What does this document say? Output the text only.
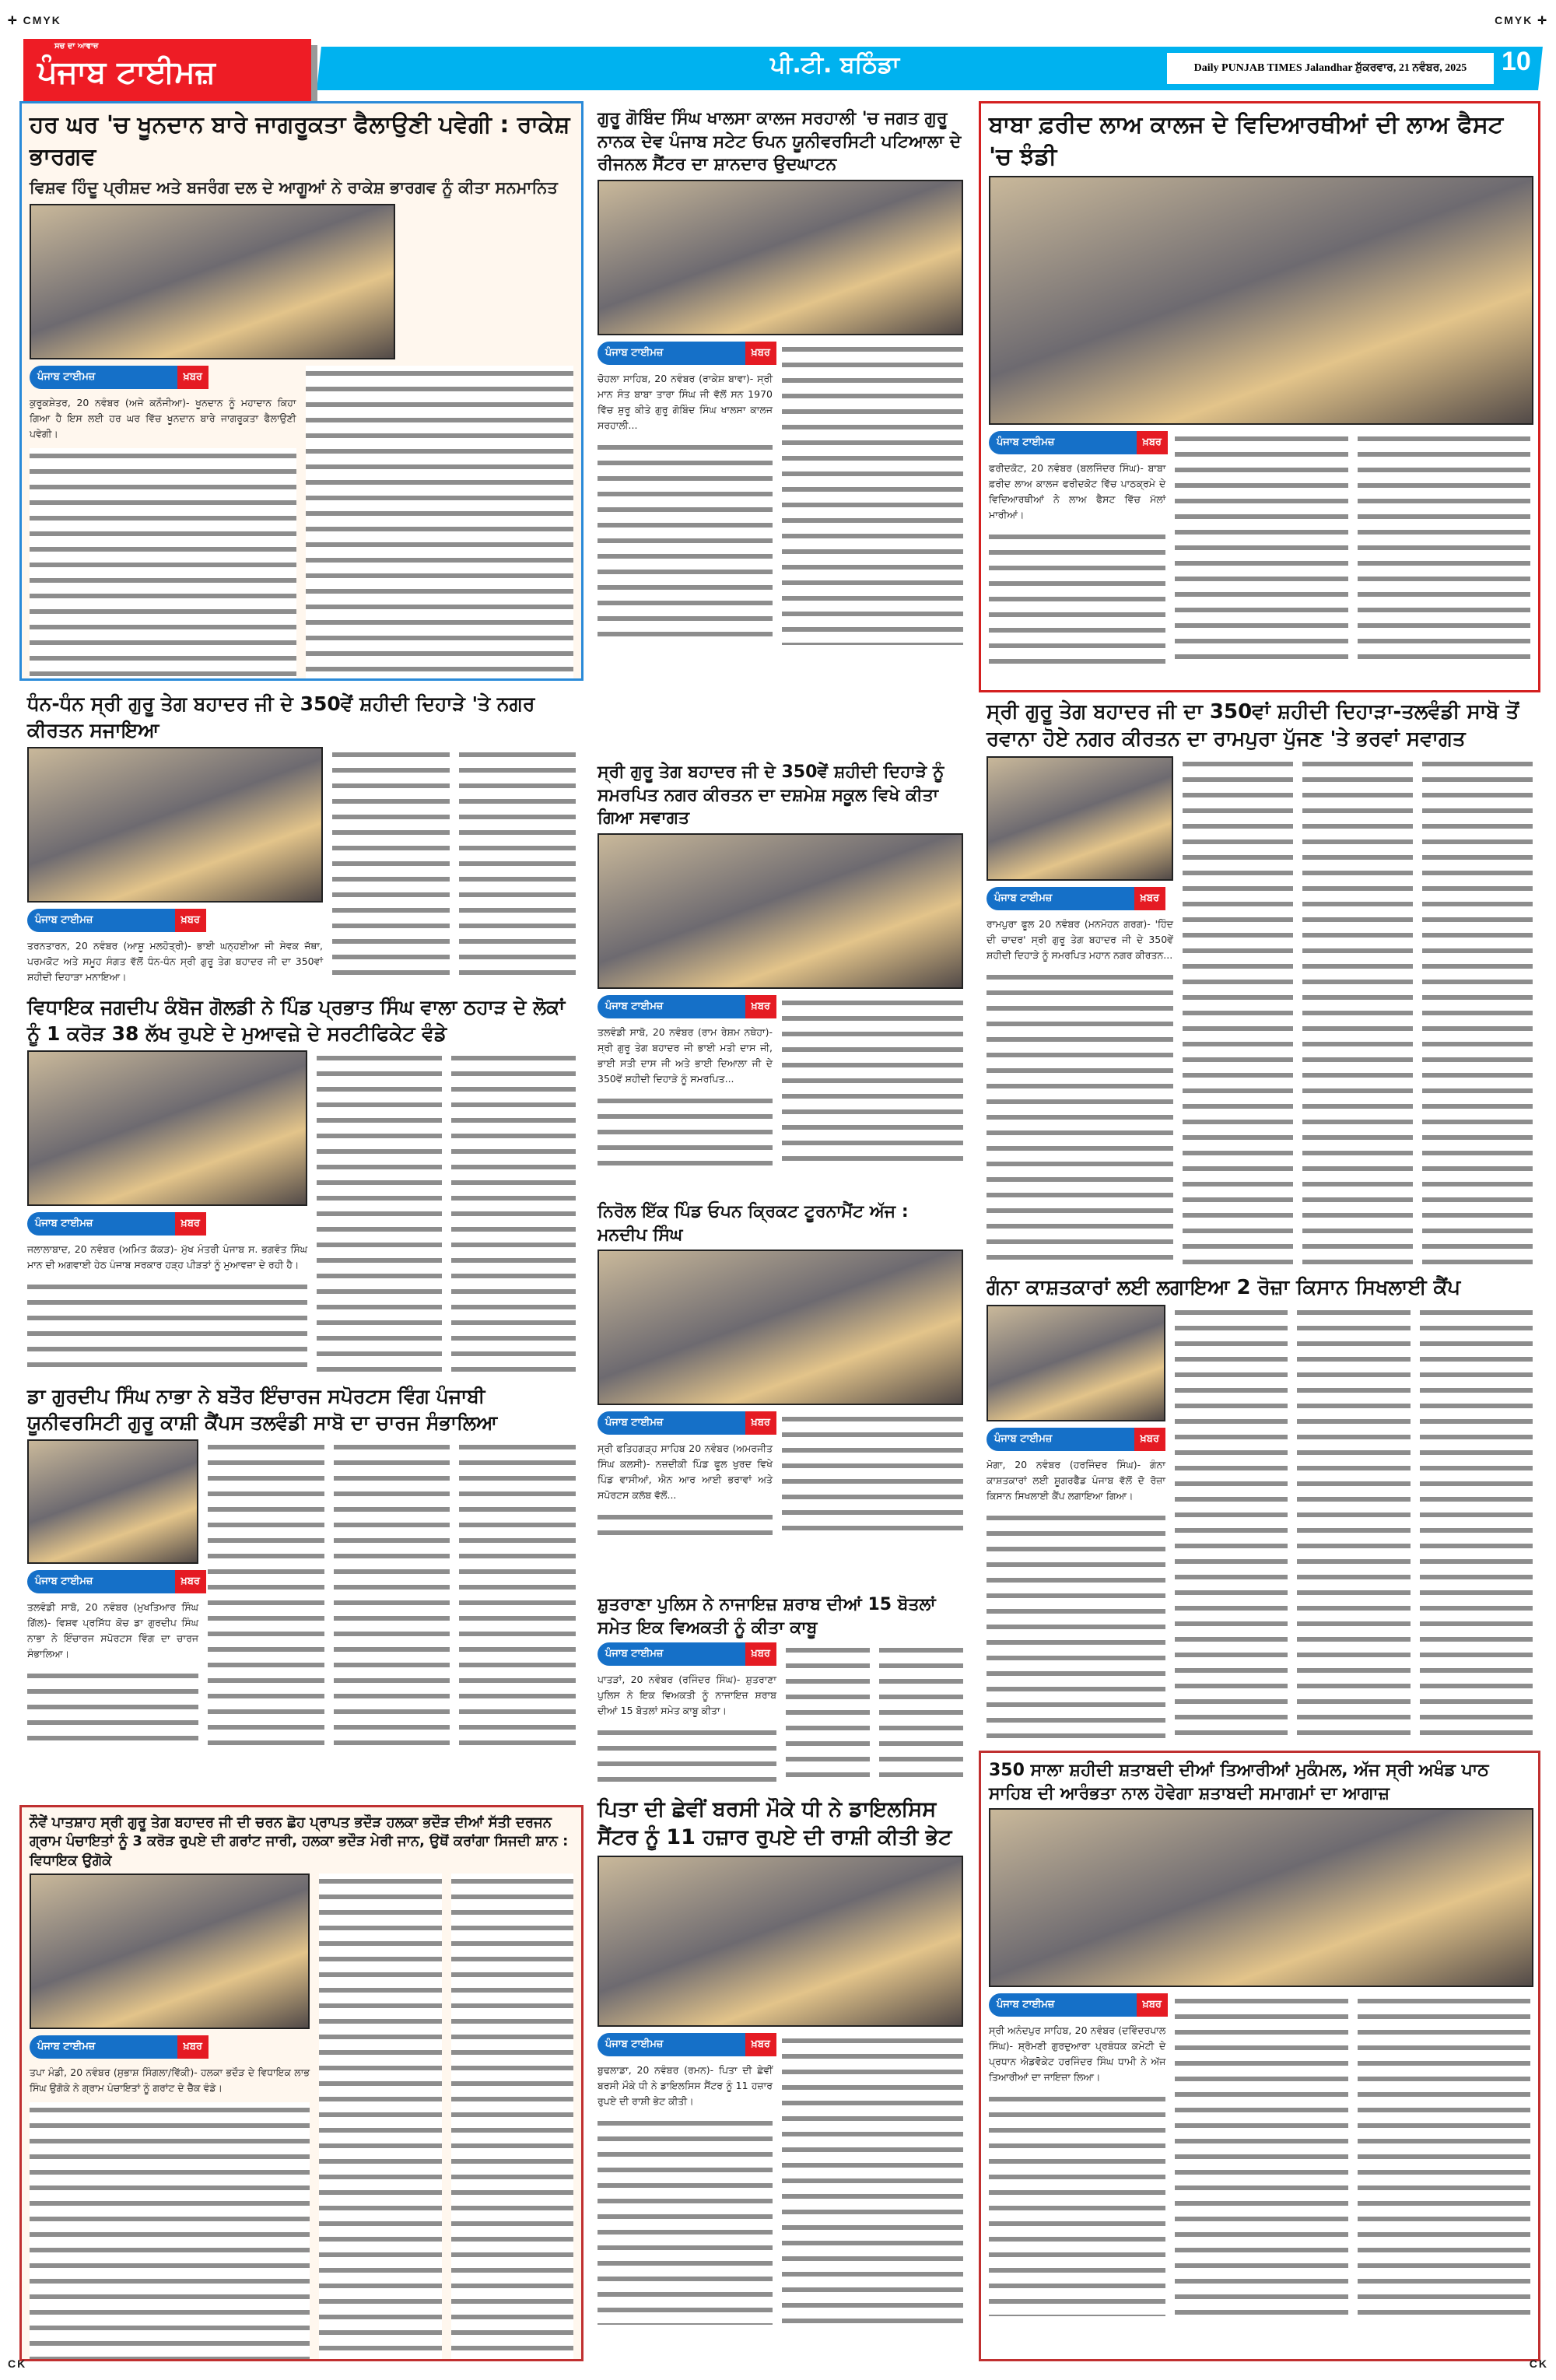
✛ CMYK	CMYK ✛
ਸਚ ਦਾ ਆਵਾਜ਼
ਪੰਜਾਬ ਟਾਈਮਜ਼	ਪੀ.ਟੀ. ਬਠਿੰਡਾ	Daily PUNJAB TIMES Jalandhar ਸ਼ੁੱਕਰਵਾਰ, 21 ਨਵੰਬਰ, 2025	10
ਹਰ ਘਰ 'ਚ ਖੂਨਦਾਨ ਬਾਰੇ ਜਾਗਰੂਕਤਾ ਫੈਲਾਉਣੀ ਪਵੇਗੀ : ਰਾਕੇਸ਼ ਭਾਰਗਵ
ਵਿਸ਼ਵ ਹਿੰਦੂ ਪ੍ਰੀਸ਼ਦ ਅਤੇ ਬਜਰੰਗ ਦਲ ਦੇ ਆਗੂਆਂ ਨੇ ਰਾਕੇਸ਼ ਭਾਰਗਵ ਨੂੰ ਕੀਤਾ ਸਨਮਾਨਿਤ
ਪੰਜਾਬ ਟਾਈਮਜ਼	ਖ਼ਬਰ

ਕੁਰੂਕਸ਼ੇਤਰ, 20 ਨਵੰਬਰ (ਅਜੇ ਕਨੌਜੀਆ)- ਖੂਨਦਾਨ ਨੂੰ ਮਹਾਦਾਨ ਕਿਹਾ ਗਿਆ ਹੈ ਇਸ ਲਈ ਹਰ ਘਰ ਵਿੱਚ ਖੂਨਦਾਨ ਬਾਰੇ ਜਾਗਰੂਕਤਾ ਫੈਲਾਉਣੀ ਪਵੇਗੀ।

ਗੁਰੂ ਗੋਬਿੰਦ ਸਿੰਘ ਖਾਲਸਾ ਕਾਲਜ ਸਰਹਾਲੀ 'ਚ ਜਗਤ ਗੁਰੂ ਨਾਨਕ ਦੇਵ ਪੰਜਾਬ ਸਟੇਟ ਓਪਨ ਯੂਨੀਵਰਸਿਟੀ ਪਟਿਆਲਾ ਦੇ ਰੀਜਨਲ ਸੈਂਟਰ ਦਾ ਸ਼ਾਨਦਾਰ ਉਦਘਾਟਨ
ਪੰਜਾਬ ਟਾਈਮਜ਼	ਖ਼ਬਰ

ਚੋਹਲਾ ਸਾਹਿਬ, 20 ਨਵੰਬਰ (ਰਾਕੇਸ਼ ਬਾਵਾ)- ਸ੍ਰੀ ਮਾਨ ਸੰਤ ਬਾਬਾ ਤਾਰਾ ਸਿੰਘ ਜੀ ਵੱਲੋਂ ਸਨ 1970 ਵਿੱਚ ਸ਼ੁਰੂ ਕੀਤੇ ਗੁਰੂ ਗੋਬਿੰਦ ਸਿੰਘ ਖਾਲਸਾ ਕਾਲਜ ਸਰਹਾਲੀ...

ਬਾਬਾ ਫ਼ਰੀਦ ਲਾਅ ਕਾਲਜ ਦੇ ਵਿਦਿਆਰਥੀਆਂ ਦੀ ਲਾਅ ਫੈਸਟ 'ਚ ਝੰਡੀ
ਪੰਜਾਬ ਟਾਈਮਜ਼	ਖ਼ਬਰ

ਫਰੀਦਕੋਟ, 20 ਨਵੰਬਰ (ਬਲਜਿੰਦਰ ਸਿੰਘ)- ਬਾਬਾ ਫ਼ਰੀਦ ਲਾਅ ਕਾਲਜ ਫਰੀਦਕੋਟ ਵਿੱਚ ਪਾਠਕ੍ਰਮੇ ਦੇ ਵਿਦਿਆਰਥੀਆਂ ਨੇ ਲਾਅ ਫੈਸਟ ਵਿੱਚ ਮੱਲਾਂ ਮਾਰੀਆਂ।

ਧੰਨ-ਧੰਨ ਸ੍ਰੀ ਗੁਰੂ ਤੇਗ ਬਹਾਦਰ ਜੀ ਦੇ 350ਵੇਂ ਸ਼ਹੀਦੀ ਦਿਹਾੜੇ 'ਤੇ ਨਗਰ ਕੀਰਤਨ ਸਜਾਇਆ
ਪੰਜਾਬ ਟਾਈਮਜ਼	ਖ਼ਬਰ

ਤਰਨਤਾਰਨ, 20 ਨਵੰਬਰ (ਆਸ਼ੂ ਮਲਹੋਤ੍ਰੀ)- ਭਾਈ ਘਨ੍ਹਈਆ ਜੀ ਸੇਵਕ ਜੱਥਾ, ਪਰਮਕੋਟ ਅਤੇ ਸਮੂਹ ਸੰਗਤ ਵੱਲੋਂ ਧੰਨ-ਧੰਨ ਸ੍ਰੀ ਗੁਰੂ ਤੇਗ ਬਹਾਦਰ ਜੀ ਦਾ 350ਵਾਂ ਸ਼ਹੀਦੀ ਦਿਹਾੜਾ ਮਨਾਇਆ।

ਸ੍ਰੀ ਗੁਰੂ ਤੇਗ ਬਹਾਦਰ ਜੀ ਦੇ 350ਵੇਂ ਸ਼ਹੀਦੀ ਦਿਹਾੜੇ ਨੂੰ ਸਮਰਪਿਤ ਨਗਰ ਕੀਰਤਨ ਦਾ ਦਸ਼ਮੇਸ਼ ਸਕੂਲ ਵਿਖੇ ਕੀਤਾ ਗਿਆ ਸਵਾਗਤ
ਪੰਜਾਬ ਟਾਈਮਜ਼	ਖ਼ਬਰ

ਤਲਵੰਡੀ ਸਾਬੋ, 20 ਨਵੰਬਰ (ਰਾਮ ਰੇਸ਼ਮ ਨਥੇਹਾ)- ਸ੍ਰੀ ਗੁਰੂ ਤੇਗ ਬਹਾਦਰ ਜੀ ਭਾਈ ਮਤੀ ਦਾਸ ਜੀ, ਭਾਈ ਸਤੀ ਦਾਸ ਜੀ ਅਤੇ ਭਾਈ ਦਿਆਲਾ ਜੀ ਦੇ 350ਵੇਂ ਸ਼ਹੀਦੀ ਦਿਹਾੜੇ ਨੂੰ ਸਮਰਪਿਤ...

ਸ੍ਰੀ ਗੁਰੂ ਤੇਗ ਬਹਾਦਰ ਜੀ ਦਾ 350ਵਾਂ ਸ਼ਹੀਦੀ ਦਿਹਾੜਾ-ਤਲਵੰਡੀ ਸਾਬੋ ਤੋਂ ਰਵਾਨਾ ਹੋਏ ਨਗਰ ਕੀਰਤਨ ਦਾ ਰਾਮਪੁਰਾ ਪੁੱਜਣ 'ਤੇ ਭਰਵਾਂ ਸਵਾਗਤ
ਪੰਜਾਬ ਟਾਈਮਜ਼	ਖ਼ਬਰ

ਰਾਮਪੁਰਾ ਫੂਲ 20 ਨਵੰਬਰ (ਮਨਮੋਹਨ ਗਰਗ)- 'ਹਿੰਦ ਦੀ ਚਾਦਰ' ਸ੍ਰੀ ਗੁਰੂ ਤੇਗ ਬਹਾਦਰ ਜੀ ਦੇ 350ਵੇਂ ਸ਼ਹੀਦੀ ਦਿਹਾੜੇ ਨੂੰ ਸਮਰਪਿਤ ਮਹਾਨ ਨਗਰ ਕੀਰਤਨ...

ਵਿਧਾਇਕ ਜਗਦੀਪ ਕੰਬੋਜ ਗੋਲਡੀ ਨੇ ਪਿੰਡ ਪ੍ਰਭਾਤ ਸਿੰਘ ਵਾਲਾ ਠਹਾੜ ਦੇ ਲੋਕਾਂ ਨੂੰ 1 ਕਰੋੜ 38 ਲੱਖ ਰੁਪਏ ਦੇ ਮੁਆਵਜ਼ੇ ਦੇ ਸਰਟੀਫਿਕੇਟ ਵੰਡੇ
ਪੰਜਾਬ ਟਾਈਮਜ਼	ਖ਼ਬਰ

ਜਲਾਲਾਬਾਦ, 20 ਨਵੰਬਰ (ਅਮਿਤ ਕੱਕੜ)- ਮੁੱਖ ਮੰਤਰੀ ਪੰਜਾਬ ਸ. ਭਗਵੰਤ ਸਿੰਘ ਮਾਨ ਦੀ ਅਗਵਾਈ ਹੇਠ ਪੰਜਾਬ ਸਰਕਾਰ ਹੜ੍ਹ ਪੀੜਤਾਂ ਨੂੰ ਮੁਆਵਜ਼ਾ ਦੇ ਰਹੀ ਹੈ।

ਨਿਰੋਲ ਇੱਕ ਪਿੰਡ ਓਪਨ ਕ੍ਰਿਕਟ ਟੂਰਨਾਮੈਂਟ ਅੱਜ : ਮਨਦੀਪ ਸਿੰਘ
ਪੰਜਾਬ ਟਾਈਮਜ਼	ਖ਼ਬਰ

ਸ੍ਰੀ ਫਤਿਹਗੜ੍ਹ ਸਾਹਿਬ 20 ਨਵੰਬਰ (ਅਮਰਜੀਤ ਸਿੰਘ ਕਲਸੀ)- ਨਜ਼ਦੀਕੀ ਪਿੰਡ ਫੂਲ ਖੁਰਦ ਵਿਖੇ ਪਿੰਡ ਵਾਸੀਆਂ, ਐਨ ਆਰ ਆਈ ਭਰਾਵਾਂ ਅਤੇ ਸਪੋਰਟਸ ਕਲੱਬ ਵੱਲੋਂ...

ਗੰਨਾ ਕਾਸ਼ਤਕਾਰਾਂ ਲਈ ਲਗਾਇਆ 2 ਰੋਜ਼ਾ ਕਿਸਾਨ ਸਿਖਲਾਈ ਕੈਂਪ
ਪੰਜਾਬ ਟਾਈਮਜ਼	ਖ਼ਬਰ

ਮੋਗਾ, 20 ਨਵੰਬਰ (ਹਰਜਿੰਦਰ ਸਿੰਘ)- ਗੰਨਾ ਕਾਸ਼ਤਕਾਰਾਂ ਲਈ ਸ਼ੂਗਰਫੈੱਡ ਪੰਜਾਬ ਵੱਲੋਂ ਦੋ ਰੋਜ਼ਾ ਕਿਸਾਨ ਸਿਖਲਾਈ ਕੈਂਪ ਲਗਾਇਆ ਗਿਆ।

ਡਾ ਗੁਰਦੀਪ ਸਿੰਘ ਨਾਭਾ ਨੇ ਬਤੌਰ ਇੰਚਾਰਜ ਸਪੋਰਟਸ ਵਿੰਗ ਪੰਜਾਬੀ ਯੂਨੀਵਰਸਿਟੀ ਗੁਰੂ ਕਾਸ਼ੀ ਕੈਂਪਸ ਤਲਵੰਡੀ ਸਾਬੋ ਦਾ ਚਾਰਜ ਸੰਭਾਲਿਆ
ਪੰਜਾਬ ਟਾਈਮਜ਼	ਖ਼ਬਰ

ਤਲਵੰਡੀ ਸਾਬੋ, 20 ਨਵੰਬਰ (ਮੁਖਤਿਆਰ ਸਿੰਘ ਗਿੱਲ)- ਵਿਸ਼ਵ ਪ੍ਰਸਿੱਧ ਕੋਚ ਡਾ ਗੁਰਦੀਪ ਸਿੰਘ ਨਾਭਾ ਨੇ ਇੰਚਾਰਜ ਸਪੋਰਟਸ ਵਿੰਗ ਦਾ ਚਾਰਜ ਸੰਭਾਲਿਆ।

ਸ਼ੁਤਰਾਣਾ ਪੁਲਿਸ ਨੇ ਨਾਜਾਇਜ਼ ਸ਼ਰਾਬ ਦੀਆਂ 15 ਬੋਤਲਾਂ ਸਮੇਤ ਇਕ ਵਿਅਕਤੀ ਨੂੰ ਕੀਤਾ ਕਾਬੂ
ਪੰਜਾਬ ਟਾਈਮਜ਼	ਖ਼ਬਰ

ਪਾਤੜਾਂ, 20 ਨਵੰਬਰ (ਰਜਿੰਦਰ ਸਿੰਘ)- ਸ਼ੁਤਰਾਣਾ ਪੁਲਿਸ ਨੇ ਇਕ ਵਿਅਕਤੀ ਨੂੰ ਨਾਜਾਇਜ਼ ਸ਼ਰਾਬ ਦੀਆਂ 15 ਬੋਤਲਾਂ ਸਮੇਤ ਕਾਬੂ ਕੀਤਾ।

ਨੌਵੇਂ ਪਾਤਸ਼ਾਹ ਸ੍ਰੀ ਗੁਰੂ ਤੇਗ ਬਹਾਦਰ ਜੀ ਦੀ ਚਰਨ ਛੋਹ ਪ੍ਰਾਪਤ ਭਦੌੜ ਹਲਕਾ ਭਦੌੜ ਦੀਆਂ ਸੱਤੀ ਦਰਜਨ ਗ੍ਰਾਮ ਪੰਚਾਇਤਾਂ ਨੂੰ 3 ਕਰੋੜ ਰੁਪਏ ਦੀ ਗਰਾਂਟ ਜਾਰੀ, ਹਲਕਾ ਭਦੌੜ ਮੇਰੀ ਜਾਨ, ਉਥੋਂ ਕਰਾਂਗਾ ਸਿਜਦੀ ਸ਼ਾਨ : ਵਿਧਾਇਕ ਉਗੋਕੇ
ਪੰਜਾਬ ਟਾਈਮਜ਼	ਖ਼ਬਰ

ਤਪਾ ਮੰਡੀ, 20 ਨਵੰਬਰ (ਸੁਭਾਸ਼ ਸਿੰਗਲਾ/ਵਿੱਕੀ)- ਹਲਕਾ ਭਦੌੜ ਦੇ ਵਿਧਾਇਕ ਲਾਭ ਸਿੰਘ ਉਗੋਕੇ ਨੇ ਗ੍ਰਾਮ ਪੰਚਾਇਤਾਂ ਨੂੰ ਗਰਾਂਟ ਦੇ ਚੈੱਕ ਵੰਡੇ।

ਪਿਤਾ ਦੀ ਛੇਵੀਂ ਬਰਸੀ ਮੌਕੇ ਧੀ ਨੇ ਡਾਇਲਸਿਸ ਸੈਂਟਰ ਨੂੰ 11 ਹਜ਼ਾਰ ਰੁਪਏ ਦੀ ਰਾਸ਼ੀ ਕੀਤੀ ਭੇਟ
ਪੰਜਾਬ ਟਾਈਮਜ਼	ਖ਼ਬਰ

ਬੁਢਲਾਡਾ, 20 ਨਵੰਬਰ (ਰਮਨ)- ਪਿਤਾ ਦੀ ਛੇਵੀਂ ਬਰਸੀ ਮੌਕੇ ਧੀ ਨੇ ਡਾਇਲਸਿਸ ਸੈਂਟਰ ਨੂੰ 11 ਹਜ਼ਾਰ ਰੁਪਏ ਦੀ ਰਾਸ਼ੀ ਭੇਟ ਕੀਤੀ।

350 ਸਾਲਾ ਸ਼ਹੀਦੀ ਸ਼ਤਾਬਦੀ ਦੀਆਂ ਤਿਆਰੀਆਂ ਮੁਕੰਮਲ, ਅੱਜ ਸ੍ਰੀ ਅਖੰਡ ਪਾਠ ਸਾਹਿਬ ਦੀ ਆਰੰਭਤਾ ਨਾਲ ਹੋਵੇਗਾ ਸ਼ਤਾਬਦੀ ਸਮਾਗਮਾਂ ਦਾ ਆਗਾਜ਼
ਪੰਜਾਬ ਟਾਈਮਜ਼	ਖ਼ਬਰ

ਸ੍ਰੀ ਅਨੰਦਪੁਰ ਸਾਹਿਬ, 20 ਨਵੰਬਰ (ਦਵਿੰਦਰਪਾਲ ਸਿੰਘ)- ਸ਼੍ਰੋਮਣੀ ਗੁਰਦੁਆਰਾ ਪ੍ਰਬੰਧਕ ਕਮੇਟੀ ਦੇ ਪ੍ਰਧਾਨ ਐਡਵੋਕੇਟ ਹਰਜਿੰਦਰ ਸਿੰਘ ਧਾਮੀ ਨੇ ਅੱਜ ਤਿਆਰੀਆਂ ਦਾ ਜਾਇਜ਼ਾ ਲਿਆ।

CK	CK
